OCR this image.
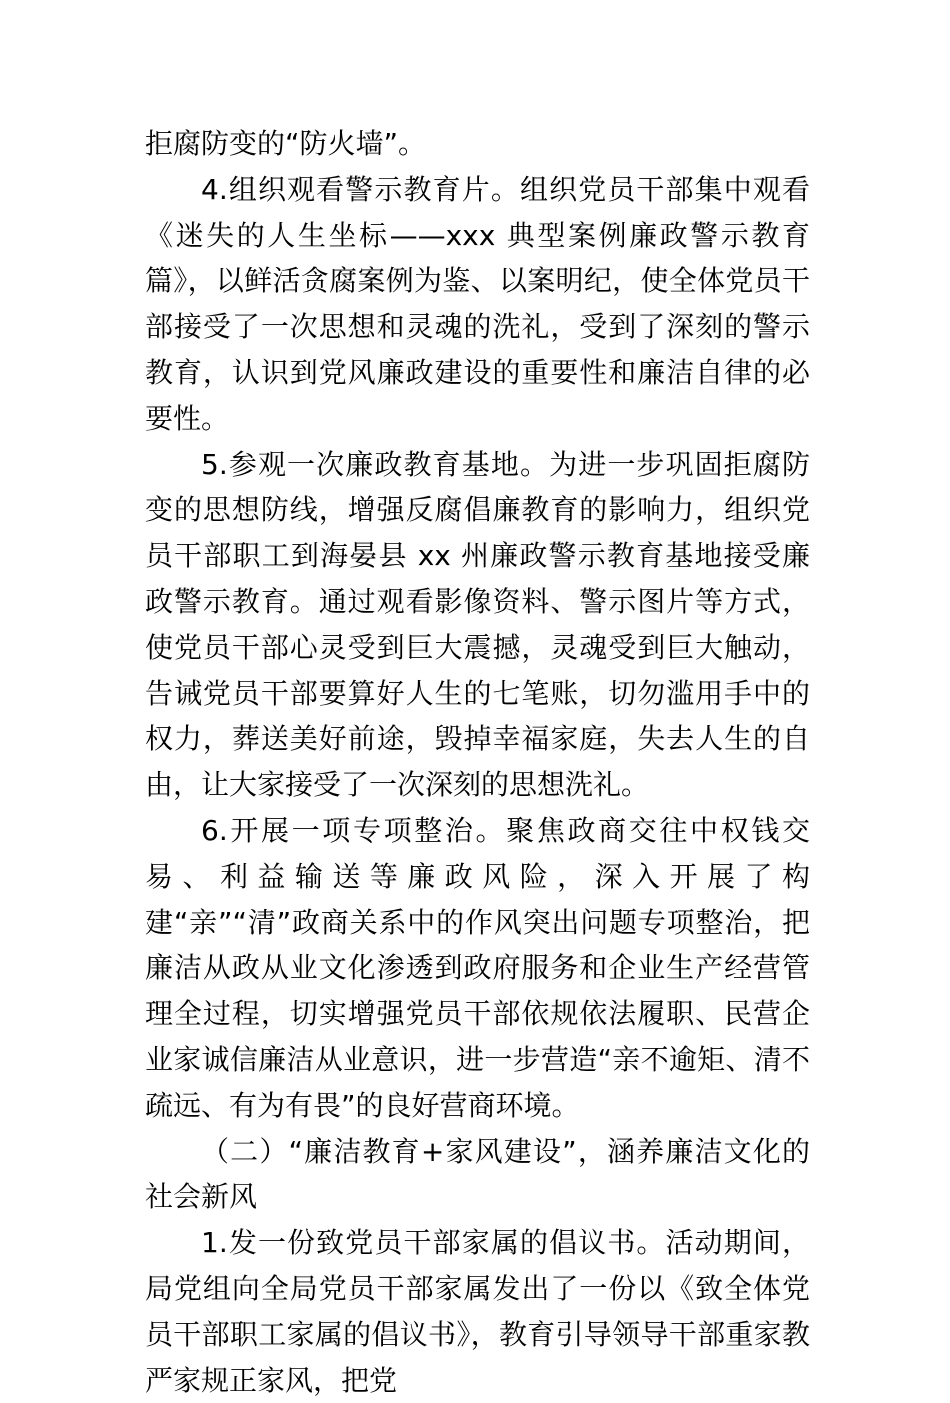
拒腐防变的“防火墙”。

4.组织观看警示教育片。组织党员干部集中观看《迷失的人生坐标——xxx 典型案例廉政警示教育篇》，以鲜活贪腐案例为鉴、以案明纪，使全体党员干部接受了一次思想和灵魂的洗礼，受到了深刻的警示教育，认识到党风廉政建设的重要性和廉洁自律的必要性。

5.参观一次廉政教育基地。为进一步巩固拒腐防变的思想防线，增强反腐倡廉教育的影响力，组织党员干部职工到海晏县 xx 州廉政警示教育基地接受廉政警示教育。通过观看影像资料、警示图片等方式，使党员干部心灵受到巨大震撼，灵魂受到巨大触动，告诫党员干部要算好人生的七笔账，切勿滥用手中的权力，葬送美好前途，毁掉幸福家庭，失去人生的自由，让大家接受了一次深刻的思想洗礼。

6.开展一项专项整治。聚焦政商交往中权钱交易、利益输送等廉政风险，深入开展了构建“亲”“清”政商关系中的作风突出问题专项整治，把廉洁从政从业文化渗透到政府服务和企业生产经营管理全过程，切实增强党员干部依规依法履职、民营企业家诚信廉洁从业意识，进一步营造“亲不逾矩、清不疏远、有为有畏”的良好营商环境。

（二）“廉洁教育+家风建设”，涵养廉洁文化的社会新风

1.发一份致党员干部家属的倡议书。活动期间，局党组向全局党员干部家属发出了一份以《致全体党员干部职工家属的倡议书》，教育引导领导干部重家教严家规正家风，把党
